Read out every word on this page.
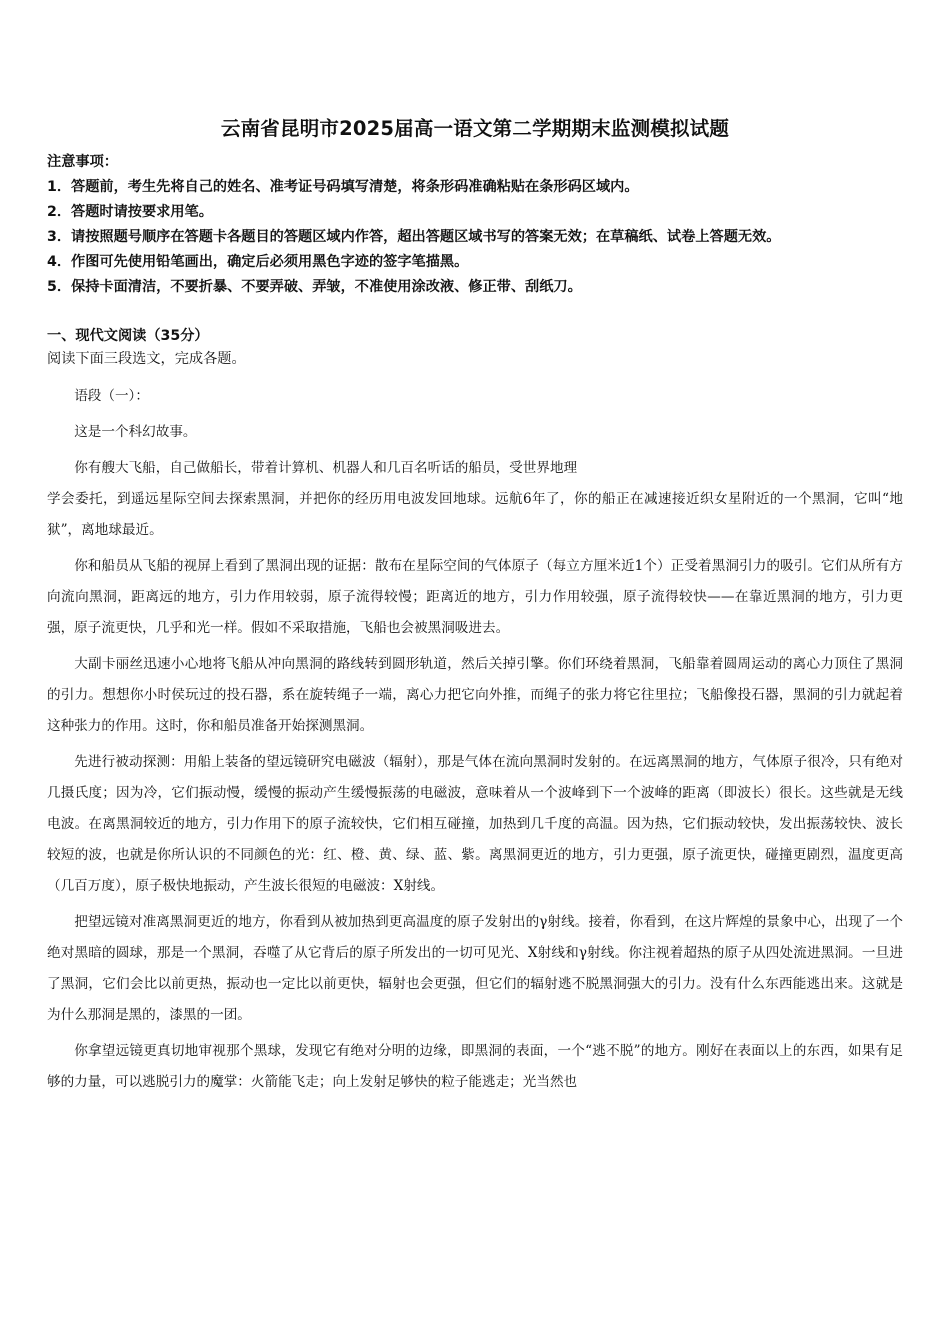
云南省昆明市2025届高一语文第二学期期末监测模拟试题
注意事项：
1．答题前，考生先将自己的姓名、准考证号码填写清楚，将条形码准确粘贴在条形码区域内。
2．答题时请按要求用笔。
3．请按照题号顺序在答题卡各题目的答题区域内作答，超出答题区域书写的答案无效；在草稿纸、试卷上答题无效。
4．作图可先使用铅笔画出，确定后必须用黑色字迹的签字笔描黑。
5．保持卡面清洁，不要折暴、不要弄破、弄皱，不准使用涂改液、修正带、刮纸刀。
一、现代文阅读（35分）
阅读下面三段选文，完成各题。

语段（一）：

这是一个科幻故事。

你有艘大飞船，自己做船长，带着计算机、机器人和几百名听话的船员，受世界地理

学会委托，到遥远星际空间去探索黑洞，并把你的经历用电波发回地球。远航6年了，你的船正在减速接近织女星附近的一个黑洞，它叫“地狱”，离地球最近。

你和船员从飞船的视屏上看到了黑洞出现的证据：散布在星际空间的气体原子（每立方厘米近1个）正受着黑洞引力的吸引。它们从所有方向流向黑洞，距离远的地方，引力作用较弱，原子流得较慢；距离近的地方，引力作用较强，原子流得较快——在靠近黑洞的地方，引力更强，原子流更快，几乎和光一样。假如不采取措施，飞船也会被黑洞吸进去。

大副卡丽丝迅速小心地将飞船从冲向黑洞的路线转到圆形轨道，然后关掉引擎。你们环绕着黑洞，飞船靠着圆周运动的离心力顶住了黑洞的引力。想想你小时侯玩过的投石器，系在旋转绳子一端，离心力把它向外推，而绳子的张力将它往里拉；飞船像投石器，黑洞的引力就起着这种张力的作用。这时，你和船员准备开始探测黑洞。

先进行被动探测：用船上装备的望远镜研究电磁波（辐射），那是气体在流向黑洞时发射的。在远离黑洞的地方，气体原子很冷，只有绝对几摄氏度；因为冷，它们振动慢，缓慢的振动产生缓慢振荡的电磁波，意味着从一个波峰到下一个波峰的距离（即波长）很长。这些就是无线电波。在离黑洞较近的地方，引力作用下的原子流较快，它们相互碰撞，加热到几千度的高温。因为热，它们振动较快，发出振荡较快、波长较短的波，也就是你所认识的不同颜色的光：红、橙、黄、绿、蓝、紫。离黑洞更近的地方，引力更强，原子流更快，碰撞更剧烈，温度更高（几百万度），原子极快地振动，产生波长很短的电磁波：X射线。

把望远镜对准离黑洞更近的地方，你看到从被加热到更高温度的原子发射出的γ射线。接着，你看到，在这片辉煌的景象中心，出现了一个绝对黑暗的圆球，那是一个黑洞，吞噬了从它背后的原子所发出的一切可见光、X射线和γ射线。你注视着超热的原子从四处流进黑洞。一旦进了黑洞，它们会比以前更热，振动也一定比以前更快，辐射也会更强，但它们的辐射逃不脱黑洞强大的引力。没有什么东西能逃出来。这就是为什么那洞是黑的，漆黑的一团。

你拿望远镜更真切地审视那个黑球，发现它有绝对分明的边缘，即黑洞的表面，一个“逃不脱”的地方。刚好在表面以上的东西，如果有足够的力量，可以逃脱引力的魔掌：火箭能飞走；向上发射足够快的粒子能逃走；光当然也
